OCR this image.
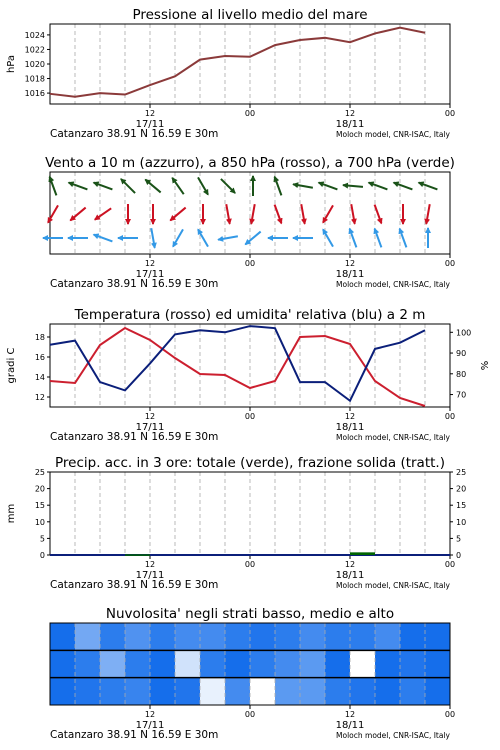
Pressione al livello medio del mare
12	00	12	00
17/11	18/11
Catanzaro 38.91 N 16.59 E 30m	Moloch model, CNR-ISAC, Italy
1016
1018
1020
1022
1024
hPa
Vento a 10 m (azzurro), a 850 hPa (rosso), a 700 hPa (verde)
12	00	12	00
17/11	18/11
Catanzaro 38.91 N 16.59 E 30m	Moloch model, CNR-ISAC, Italy
Temperatura (rosso) ed umidita' relativa (blu) a 2 m
12	00	12	00
17/11	18/11
Catanzaro 38.91 N 16.59 E 30m	Moloch model, CNR-ISAC, Italy
12
14
16
18
70
80
90
100
gradi C	%
Precip. acc. in 3 ore: totale (verde), frazione solida (tratt.)
12	00	12	00
17/11	18/11
Catanzaro 38.91 N 16.59 E 30m	Moloch model, CNR-ISAC, Italy
0
5
10
15
20
25
0
5
10
15
20
25
mm
Nuvolosita' negli strati basso, medio e alto
12	00	12	00
17/11	18/11
Catanzaro 38.91 N 16.59 E 30m	Moloch model, CNR-ISAC, Italy
